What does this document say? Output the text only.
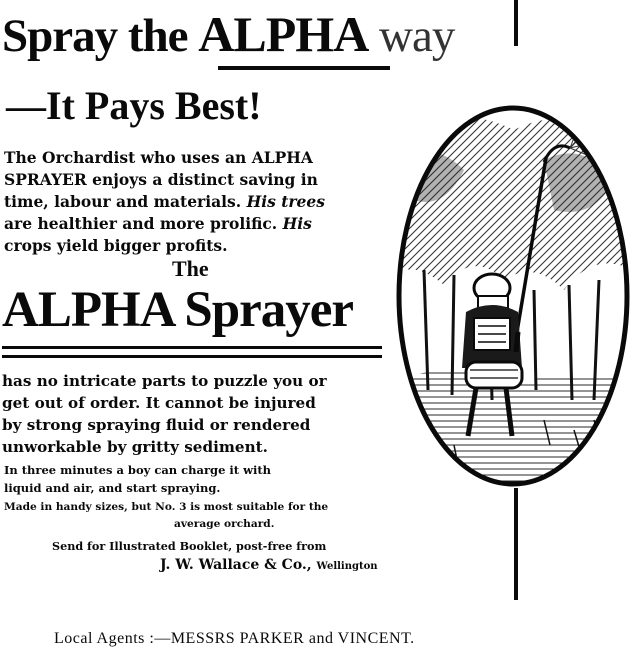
Spray the ALPHA way
—It Pays Best!
The Orchardist who uses an ALPHA
SPRAYER enjoys a distinct saving in
time, labour and materials. His trees
are healthier and more prolific. His
crops yield bigger profits.
The
ALPHA Sprayer
has no intricate parts to puzzle you or
get out of order. It cannot be injured
by strong spraying fluid or rendered
unworkable by gritty sediment.
In three minutes a boy can charge it with
liquid and air, and start spraying.
Made in handy sizes, but No. 3 is most suitable for the
average orchard.
Send for Illustrated Booklet, post-free from
J. W. Wallace & Co., Wellington
Local Agents :—MESSRS PARKER and VINCENT.
